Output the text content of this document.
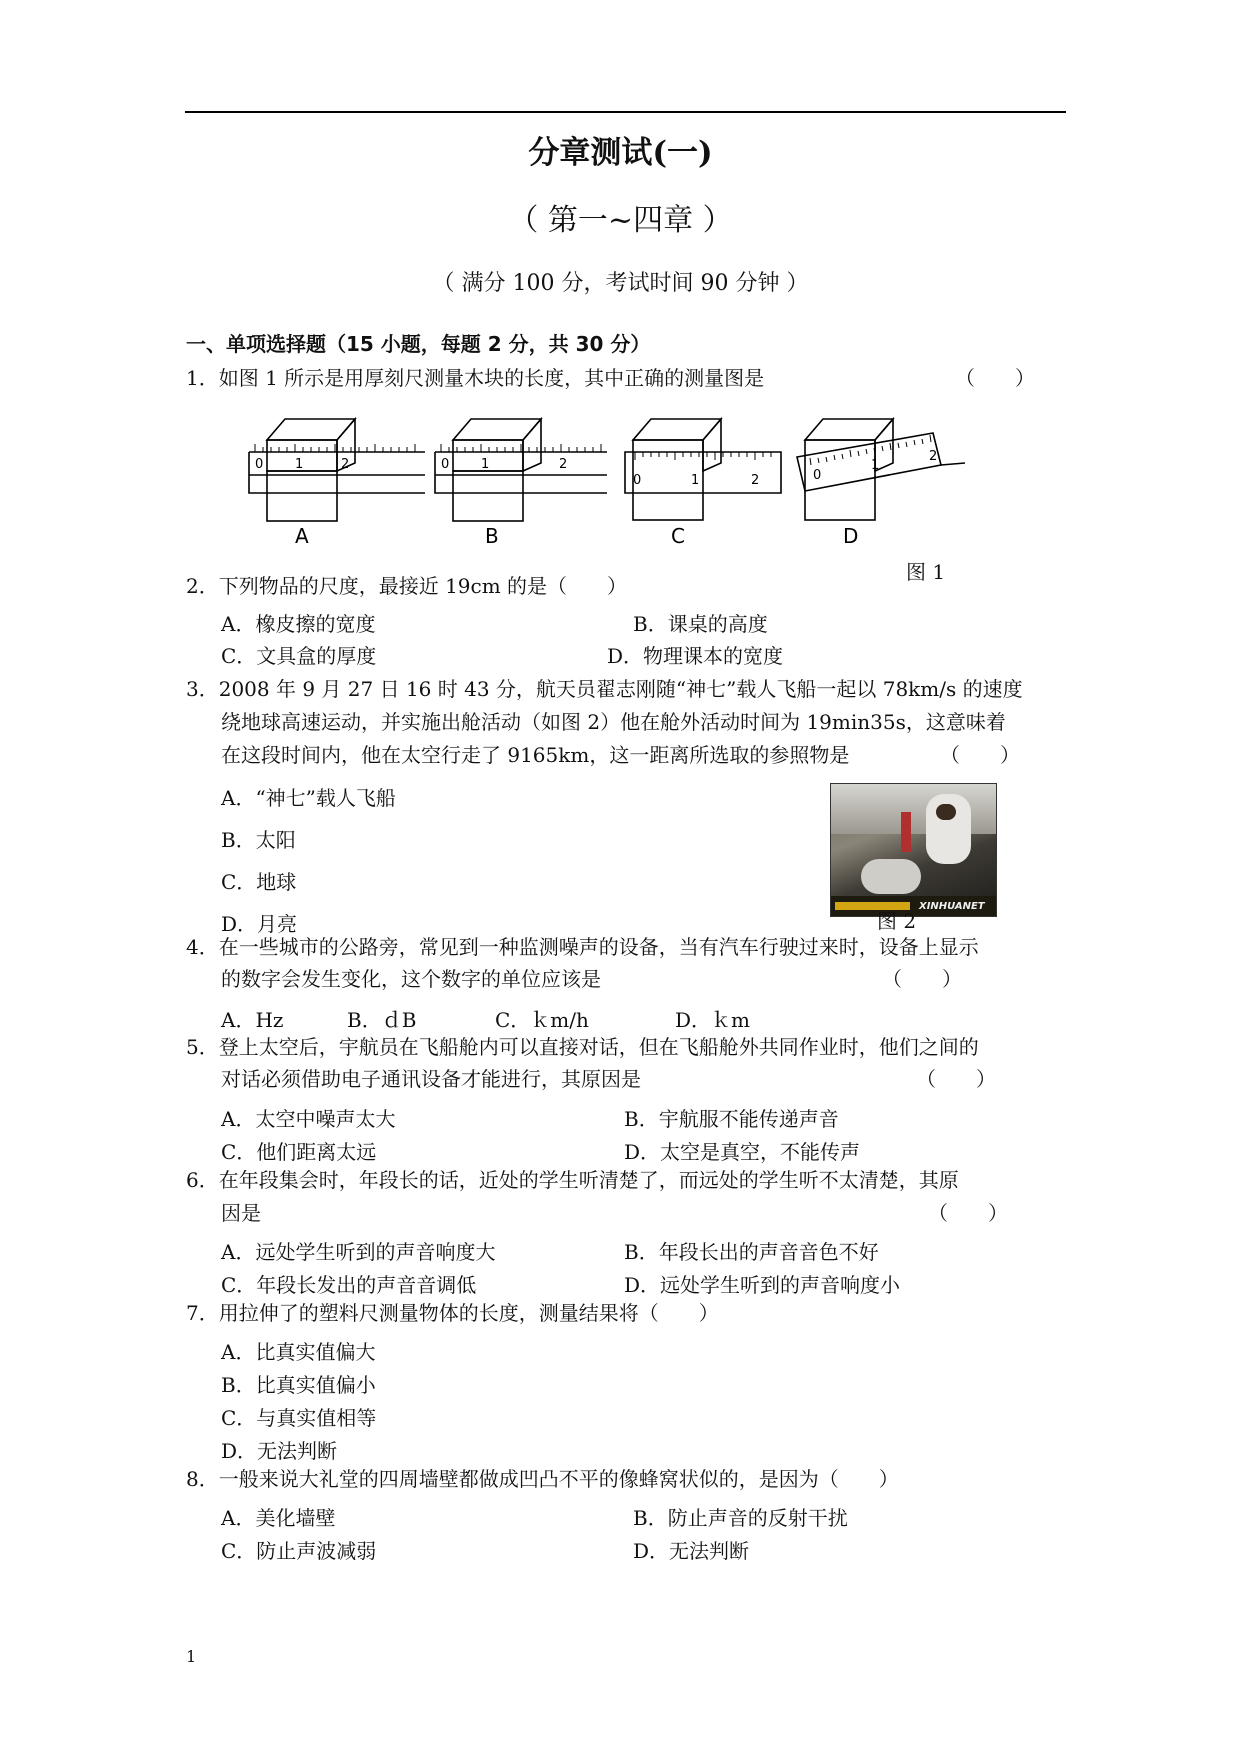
分章测试(一)
（ 第一~四章 ）
（ 满分 100 分，考试时间 90 分钟 ）
一、单项选择题（15 小题，每题 2 分，共 30 分）
1．如图 1 所示是用厚刻尺测量木块的长度，其中正确的测量图是	（　　）
0 1	2	0 1	2
0	1	2	0
1
2
A	B	C	D
图 1
2．下列物品的尺度，最接近 19cm 的是（　　）
A．橡皮擦的宽度	B．课桌的高度
C．文具盒的厚度	D．物理课本的宽度
3．2008 年 9 月 27 日 16 时 43 分，航天员翟志刚随“神七”载人飞船一起以 78km/s 的速度
绕地球高速运动，并实施出舱活动（如图 2）他在舱外活动时间为 19min35s，这意味着
在这段时间内，他在太空行走了 9165km，这一距离所选取的参照物是	（　　）
A．“神七”载人飞船
B．太阳
C．地球
D．月亮
XINHUANET
图 2
4．在一些城市的公路旁，常见到一种监测噪声的设备，当有汽车行驶过来时，设备上显示
的数字会发生变化，这个数字的单位应该是	（　　）
A．Hz	B．ｄB	C．ｋm/h	D．ｋm
5．登上太空后，宇航员在飞船舱内可以直接对话，但在飞船舱外共同作业时，他们之间的
对话必须借助电子通讯设备才能进行，其原因是	（　　）
A．太空中噪声太大	B．宇航服不能传递声音
C．他们距离太远	D．太空是真空，不能传声
6．在年段集会时，年段长的话，近处的学生听清楚了，而远处的学生听不太清楚，其原
因是	（　　）
A．远处学生听到的声音响度大	B．年段长出的声音音色不好
C．年段长发出的声音音调低	D．远处学生听到的声音响度小
7．用拉伸了的塑料尺测量物体的长度，测量结果将（　　）
A．比真实值偏大
B．比真实值偏小
C．与真实值相等
D．无法判断
8．一般来说大礼堂的四周墙壁都做成凹凸不平的像蜂窝状似的，是因为（　　）
A．美化墙壁	B．防止声音的反射干扰
C．防止声波减弱	D．无法判断
1
